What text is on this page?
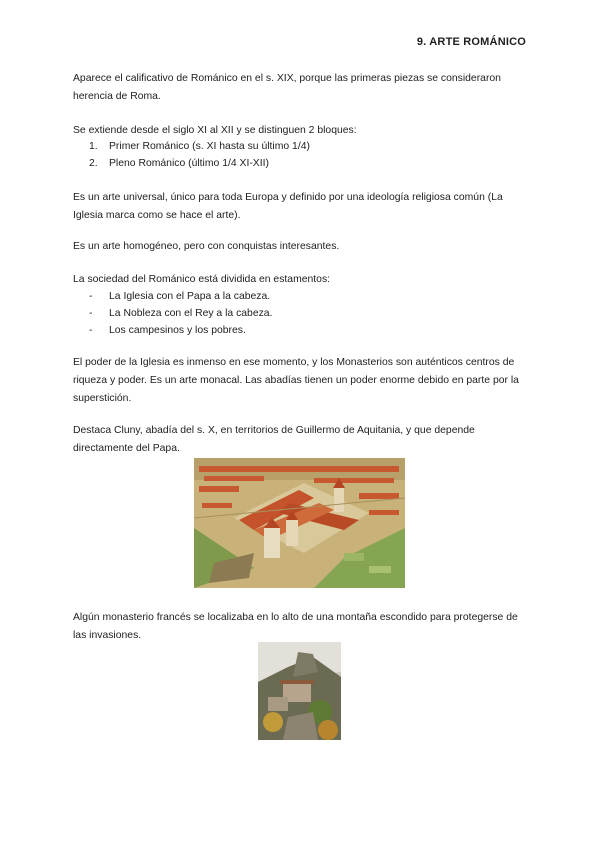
9. ARTE ROMÁNICO
Aparece el calificativo de Románico en el s. XIX, porque las primeras piezas se consideraron herencia de Roma.
Se extiende desde el siglo XI al XII y se distinguen 2 bloques:
1. Primer Románico (s. XI hasta su último 1/4)
2. Pleno Románico (último 1/4 XI-XII)
Es un arte universal, único para toda Europa y definido por una ideología religiosa común (La Iglesia marca como se hace el arte).
Es un arte homogéneo, pero con conquistas interesantes.
La sociedad del Románico está dividida en estamentos:
- La Iglesia con el Papa a la cabeza.
- La Nobleza con el Rey a la cabeza.
- Los campesinos y los pobres.
El poder de la Iglesia es inmenso en ese momento, y los Monasterios son auténticos centros de riqueza y poder. Es un arte monacal. Las abadías tienen un poder enorme debido en parte por la superstición.
Destaca Cluny, abadía del s. X, en territorios de Guillermo de Aquitania, y que depende directamente del Papa.
Algún monasterio francés se localizaba en lo alto de una montaña escondido para protegerse de las invasiones.
